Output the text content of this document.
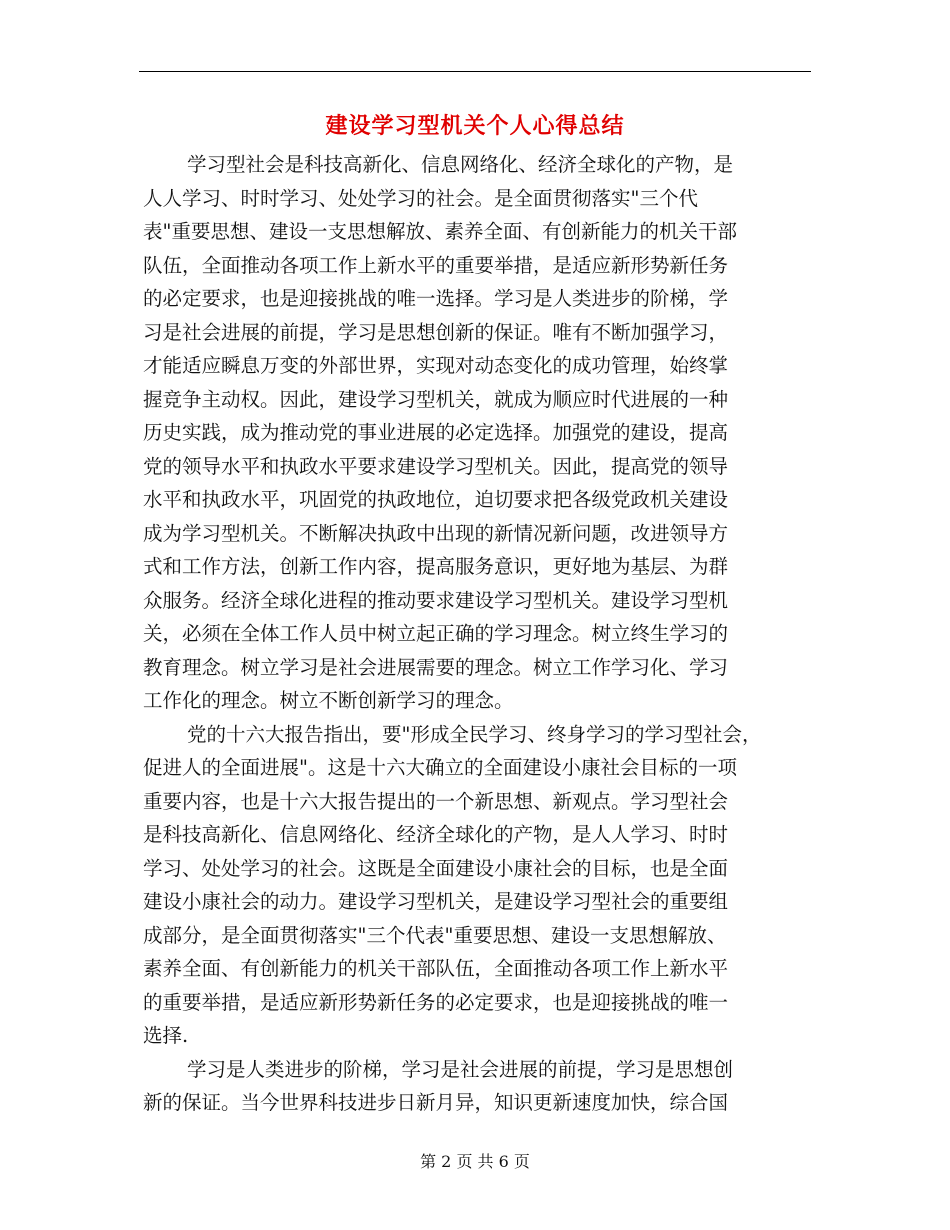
建设学习型机关个人心得总结
学习型社会是科技高新化、信息网络化、经济全球化的产物，是
人人学习、时时学习、处处学习的社会。是全面贯彻落实"三个代
表"重要思想、建设一支思想解放、素养全面、有创新能力的机关干部
队伍，全面推动各项工作上新水平的重要举措，是适应新形势新任务
的必定要求，也是迎接挑战的唯一选择。学习是人类进步的阶梯，学
习是社会进展的前提，学习是思想创新的保证。唯有不断加强学习，
才能适应瞬息万变的外部世界，实现对动态变化的成功管理，始终掌
握竞争主动权。因此，建设学习型机关，就成为顺应时代进展的一种
历史实践，成为推动党的事业进展的必定选择。加强党的建设，提高
党的领导水平和执政水平要求建设学习型机关。因此，提高党的领导
水平和执政水平，巩固党的执政地位，迫切要求把各级党政机关建设
成为学习型机关。不断解决执政中出现的新情况新问题，改进领导方
式和工作方法，创新工作内容，提高服务意识，更好地为基层、为群
众服务。经济全球化进程的推动要求建设学习型机关。建设学习型机
关，必须在全体工作人员中树立起正确的学习理念。树立终生学习的
教育理念。树立学习是社会进展需要的理念。树立工作学习化、学习
工作化的理念。树立不断创新学习的理念。
党的十六大报告指出，要"形成全民学习、终身学习的学习型社会，
促进人的全面进展"。这是十六大确立的全面建设小康社会目标的一项
重要内容，也是十六大报告提出的一个新思想、新观点。学习型社会
是科技高新化、信息网络化、经济全球化的产物，是人人学习、时时
学习、处处学习的社会。这既是全面建设小康社会的目标，也是全面
建设小康社会的动力。建设学习型机关，是建设学习型社会的重要组
成部分，是全面贯彻落实"三个代表"重要思想、建设一支思想解放、
素养全面、有创新能力的机关干部队伍，全面推动各项工作上新水平
的重要举措，是适应新形势新任务的必定要求，也是迎接挑战的唯一
选择.
学习是人类进步的阶梯，学习是社会进展的前提，学习是思想创
新的保证。当今世界科技进步日新月异，知识更新速度加快，综合国
第 2 页 共 6 页
